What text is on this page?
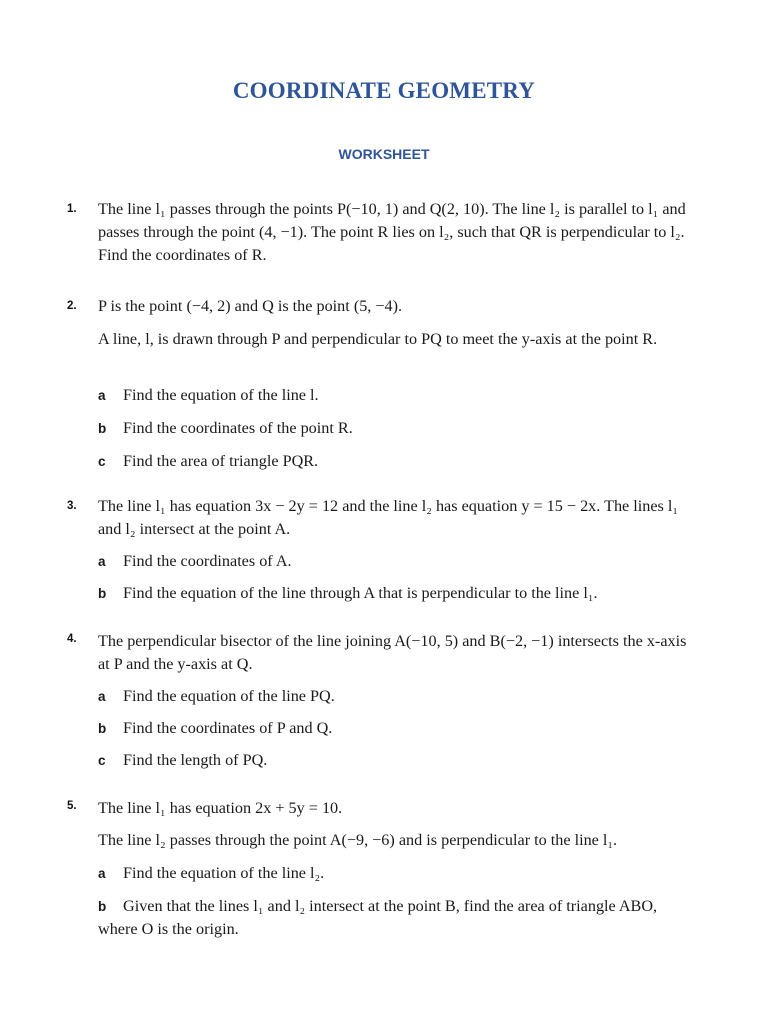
COORDINATE GEOMETRY
WORKSHEET
1. The line l₁ passes through the points P(−10, 1) and Q(2, 10). The line l₂ is parallel to l₁ and passes through the point (4, −1). The point R lies on l₂, such that QR is perpendicular to l₂. Find the coordinates of R.
2. P is the point (−4, 2) and Q is the point (5, −4).
A line, l, is drawn through P and perpendicular to PQ to meet the y-axis at the point R.
a Find the equation of the line l.
b Find the coordinates of the point R.
c Find the area of triangle PQR.
3. The line l₁ has equation 3x − 2y = 12 and the line l₂ has equation y = 15 − 2x. The lines l₁ and l₂ intersect at the point A.
a Find the coordinates of A.
b Find the equation of the line through A that is perpendicular to the line l₁.
4. The perpendicular bisector of the line joining A(−10, 5) and B(−2, −1) intersects the x-axis at P and the y-axis at Q.
a Find the equation of the line PQ.
b Find the coordinates of P and Q.
c Find the length of PQ.
5. The line l₁ has equation 2x + 5y = 10.
The line l₂ passes through the point A(−9, −6) and is perpendicular to the line l₁.
a Find the equation of the line l₂.
b Given that the lines l₁ and l₂ intersect at the point B, find the area of triangle ABO, where O is the origin.
